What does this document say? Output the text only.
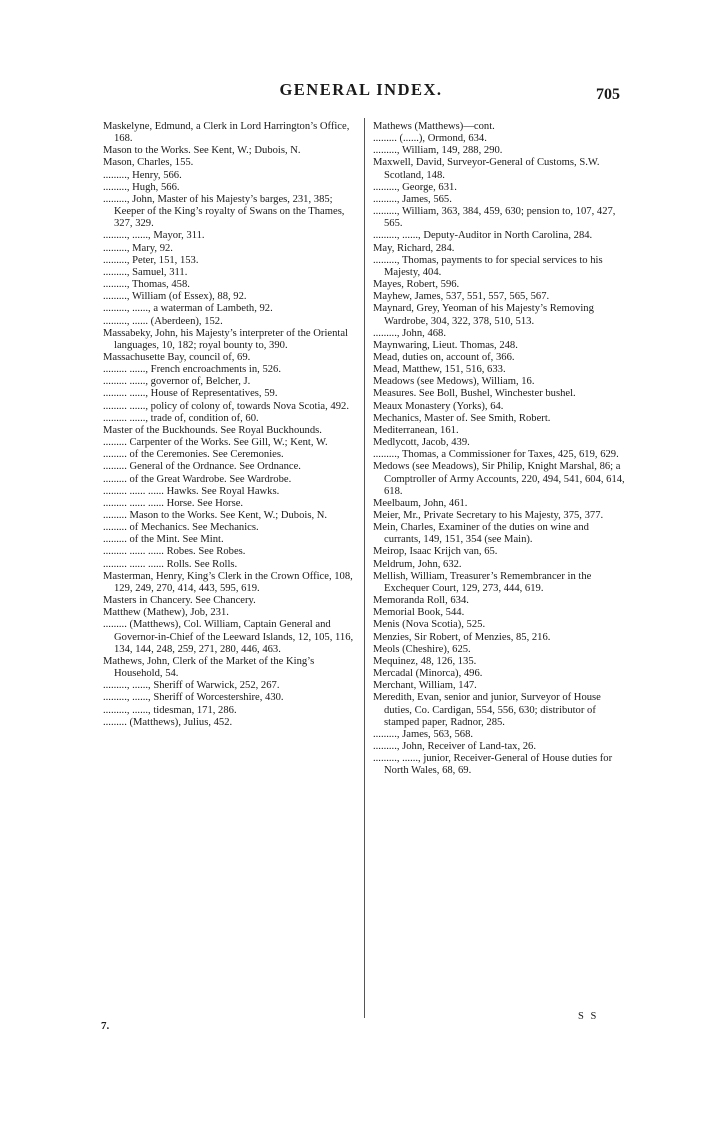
GENERAL INDEX.	705

Maskelyne, Edmund, a Clerk in Lord Harrington’s Office, 168.

Mason to the Works. See Kent, W.; Dubois, N.

Mason, Charles, 155.

........., Henry, 566.

........., Hugh, 566.

........., John, Master of his Majesty’s barges, 231, 385; Keeper of the King’s royalty of Swans on the Thames, 327, 329.

........., ......, Mayor, 311.

........., Mary, 92.

........., Peter, 151, 153.

........., Samuel, 311.

........., Thomas, 458.

........., William (of Essex), 88, 92.

........., ......, a waterman of Lambeth, 92.

........., ...... (Aberdeen), 152.

Massabeky, John, his Majesty’s interpreter of the Oriental languages, 10, 182; royal bounty to, 390.

Massachusette Bay, council of, 69.

......... ......, French encroachments in, 526.

......... ......, governor of, Belcher, J.

......... ......, House of Representatives, 59.

......... ......, policy of colony of, towards Nova Scotia, 492.

......... ......, trade of, condition of, 60.

Master of the Buckhounds. See Royal Buckhounds.

......... Carpenter of the Works. See Gill, W.; Kent, W.

......... of the Ceremonies. See Ceremonies.

......... General of the Ordnance. See Ordnance.

......... of the Great Wardrobe. See Wardrobe.

......... ...... ...... Hawks. See Royal Hawks.

......... ...... ...... Horse. See Horse.

......... Mason to the Works. See Kent, W.; Dubois, N.

......... of Mechanics. See Mechanics.

......... of the Mint. See Mint.

......... ...... ...... Robes. See Robes.

......... ...... ...... Rolls. See Rolls.

Masterman, Henry, King’s Clerk in the Crown Office, 108, 129, 249, 270, 414, 443, 595, 619.

Masters in Chancery. See Chancery.

Matthew (Mathew), Job, 231.

......... (Matthews), Col. William, Captain General and Governor-in-Chief of the Leeward Islands, 12, 105, 116, 134, 144, 248, 259, 271, 280, 446, 463.

Mathews, John, Clerk of the Market of the King’s Household, 54.

........., ......, Sheriff of Warwick, 252, 267.

........., ......, Sheriff of Worcestershire, 430.

........., ......, tidesman, 171, 286.

......... (Matthews), Julius, 452.

Mathews (Matthews)—cont.

......... (......), Ormond, 634.

........., William, 149, 288, 290.

Maxwell, David, Surveyor-General of Customs, S.W. Scotland, 148.

........., George, 631.

........., James, 565.

........., William, 363, 384, 459, 630; pension to, 107, 427, 565.

........., ......, Deputy-Auditor in North Carolina, 284.

May, Richard, 284.

........., Thomas, payments to for special services to his Majesty, 404.

Mayes, Robert, 596.

Mayhew, James, 537, 551, 557, 565, 567.

Maynard, Grey, Yeoman of his Majesty’s Removing Wardrobe, 304, 322, 378, 510, 513.

........., John, 468.

Maynwaring, Lieut. Thomas, 248.

Mead, duties on, account of, 366.

Mead, Matthew, 151, 516, 633.

Meadows (see Medows), William, 16.

Measures. See Boll, Bushel, Winchester bushel.

Meaux Monastery (Yorks), 64.

Mechanics, Master of. See Smith, Robert.

Mediterranean, 161.

Medlycott, Jacob, 439.

........., Thomas, a Commissioner for Taxes, 425, 619, 629.

Medows (see Meadows), Sir Philip, Knight Marshal, 86; a Comptroller of Army Accounts, 220, 494, 541, 604, 614, 618.

Meelbaum, John, 461.

Meier, Mr., Private Secretary to his Majesty, 375, 377.

Mein, Charles, Examiner of the duties on wine and currants, 149, 151, 354 (see Main).

Meirop, Isaac Krijch van, 65.

Meldrum, John, 632.

Mellish, William, Treasurer’s Remembrancer in the Exchequer Court, 129, 273, 444, 619.

Memoranda Roll, 634.

Memorial Book, 544.

Menis (Nova Scotia), 525.

Menzies, Sir Robert, of Menzies, 85, 216.

Meols (Cheshire), 625.

Mequinez, 48, 126, 135.

Mercadal (Minorca), 496.

Merchant, William, 147.

Meredith, Evan, senior and junior, Surveyor of House duties, Co. Cardigan, 554, 556, 630; distributor of stamped paper, Radnor, 285.

........., James, 563, 568.

........., John, Receiver of Land-tax, 26.

........., ......, junior, Receiver-General of House duties for North Wales, 68, 69.

7.
S S
